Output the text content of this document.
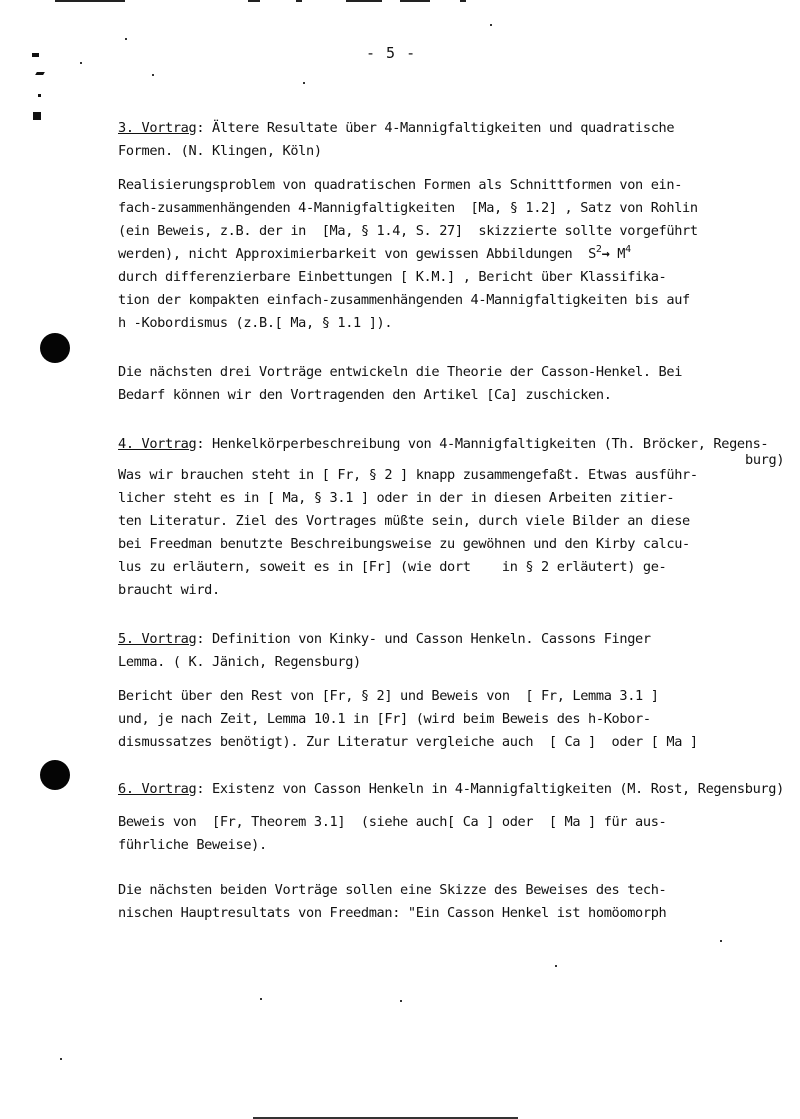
- 5 -
3. Vortrag: Ältere Resultate über 4-Mannigfaltigkeiten und quadratische
Formen. (N. Klingen, Köln)
Realisierungsproblem von quadratischen Formen als Schnittformen von ein-
fach-zusammenhängenden 4-Mannigfaltigkeiten  [Ma, § 1.2] , Satz von Rohlin
(ein Beweis, z.B. der in  [Ma, § 1.4, S. 27]  skizzierte sollte vorgeführt
werden), nicht Approximierbarkeit von gewissen Abbildungen  $S^2\to M^4$
durch differenzierbare Einbettungen [ K.M.] , Bericht über Klassifika-
tion der kompakten einfach-zusammenhängenden 4-Mannigfaltigkeiten bis auf
h -Kobordismus (z.B.[ Ma, § 1.1 ]).
Die nächsten drei Vorträge entwickeln die Theorie der Casson-Henkel. Bei
Bedarf können wir den Vortragenden den Artikel [Ca] zuschicken.
4. Vortrag: Henkelkörperbeschreibung von 4-Mannigfaltigkeiten (Th. Bröcker, Regens-
burg)
Was wir brauchen steht in [ Fr, § 2 ] knapp zusammengefaßt. Etwas ausführ-
licher steht es in [ Ma, § 3.1 ] oder in der in diesen Arbeiten zitier-
ten Literatur. Ziel des Vortrages müßte sein, durch viele Bilder an diese
bei Freedman benutzte Beschreibungsweise zu gewöhnen und den Kirby calcu-
lus zu erläutern, soweit es in [Fr] (wie dort    in § 2 erläutert) ge-
braucht wird.
5. Vortrag: Definition von Kinky- und Casson Henkeln. Cassons Finger
Lemma. ( K. Jänich, Regensburg)
Bericht über den Rest von [Fr, § 2] und Beweis von  [ Fr, Lemma 3.1 ]
und, je nach Zeit, Lemma 10.1 in [Fr] (wird beim Beweis des h-Kobor-
dismussatzes benötigt). Zur Literatur vergleiche auch  [ Ca ]  oder [ Ma ]
6. Vortrag: Existenz von Casson Henkeln in 4-Mannigfaltigkeiten (M. Rost, Regensburg)
Beweis von  [Fr, Theorem 3.1]  (siehe auch[ Ca ] oder  [ Ma ] für aus-
führliche Beweise).
Die nächsten beiden Vorträge sollen eine Skizze des Beweises des tech-
nischen Hauptresultats von Freedman: "Ein Casson Henkel ist homöomorph
